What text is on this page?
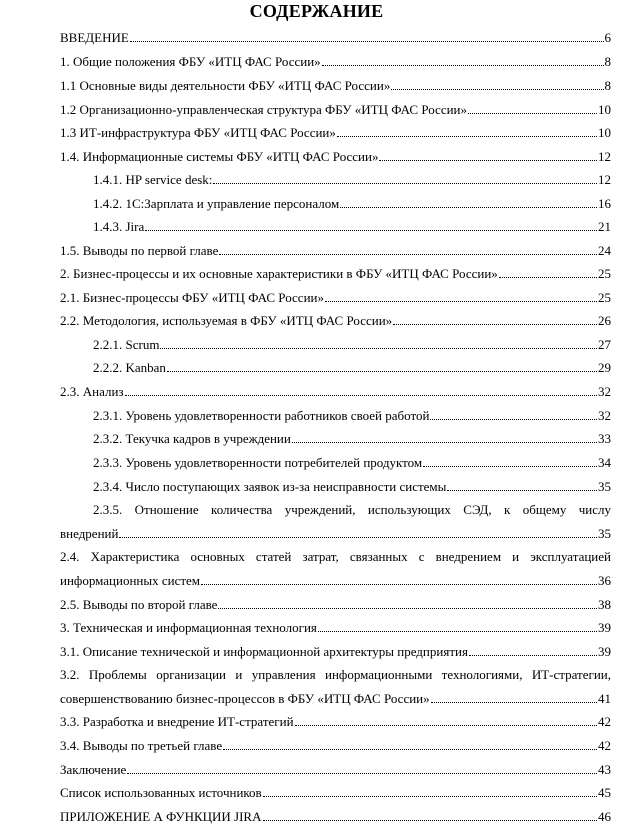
СОДЕРЖАНИЕ
ВВЕДЕНИЕ	6
1. Общие положения ФБУ «ИТЦ ФАС России»	8
1.1 Основные виды деятельности ФБУ «ИТЦ ФАС России»	8
1.2 Организационно-управленческая структура ФБУ «ИТЦ ФАС России»	10
1.3 ИТ-инфраструктура ФБУ «ИТЦ ФАС России»	10
1.4. Информационные системы ФБУ «ИТЦ ФАС России»	12
1.4.1. HP service desk:	12
1.4.2. 1С:Зарплата и управление персоналом	16
1.4.3. Jira	21
1.5. Выводы по первой главе	24
2. Бизнес-процессы и их основные характеристики в ФБУ «ИТЦ ФАС России»	25
2.1. Бизнес-процессы ФБУ «ИТЦ ФАС России»	25
2.2. Методология, используемая в ФБУ «ИТЦ ФАС России»	26
2.2.1. Scrum	27
2.2.2. Kanban	29
2.3. Анализ	32
2.3.1. Уровень удовлетворенности работников своей работой	32
2.3.2. Текучка кадров в учреждении	33
2.3.3. Уровень удовлетворенности потребителей продуктом	34
2.3.4. Число поступающих заявок из-за неисправности системы	35
2.3.5. Отношение количества учреждений, использующих СЭД, к общему числу
внедрений	35
2.4. Характеристика основных статей затрат, связанных с внедрением и эксплуатацией
информационных систем	36
2.5. Выводы по второй главе	38
3. Техническая и информационная технология	39
3.1. Описание технической и информационной архитектуры предприятия	39
3.2. Проблемы организации и управления информационными технологиями, ИТ-стратегии,
совершенствованию бизнес-процессов в ФБУ «ИТЦ ФАС России»	41
3.3. Разработка и внедрение ИТ-стратегий	42
3.4. Выводы по третьей главе	42
Заключение	43
Список использованных источников	45
ПРИЛОЖЕНИЕ А ФУНКЦИИ JIRA	46
